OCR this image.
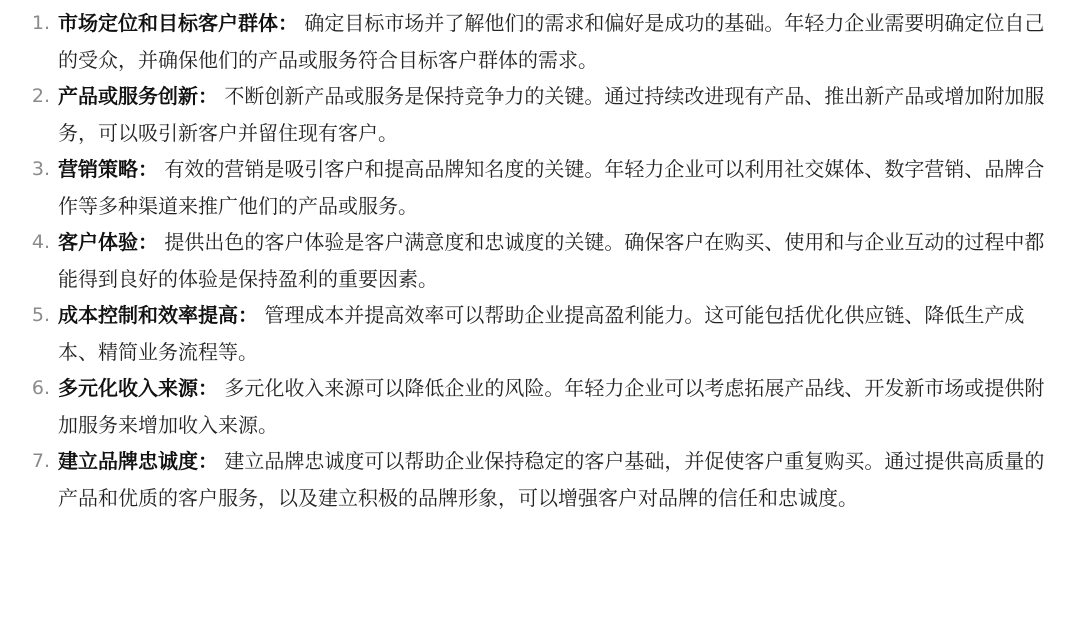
1. 市场定位和目标客户群体： 确定目标市场并了解他们的需求和偏好是成功的基础。年轻力企业需要明确定位自己的受众，并确保他们的产品或服务符合目标客户群体的需求。
2. 产品或服务创新： 不断创新产品或服务是保持竞争力的关键。通过持续改进现有产品、推出新产品或增加附加服务，可以吸引新客户并留住现有客户。
3. 营销策略： 有效的营销是吸引客户和提高品牌知名度的关键。年轻力企业可以利用社交媒体、数字营销、品牌合作等多种渠道来推广他们的产品或服务。
4. 客户体验： 提供出色的客户体验是客户满意度和忠诚度的关键。确保客户在购买、使用和与企业互动的过程中都能得到良好的体验是保持盈利的重要因素。
5. 成本控制和效率提高： 管理成本并提高效率可以帮助企业提高盈利能力。这可能包括优化供应链、降低生产成本、精简业务流程等。
6. 多元化收入来源： 多元化收入来源可以降低企业的风险。年轻力企业可以考虑拓展产品线、开发新市场或提供附加服务来增加收入来源。
7. 建立品牌忠诚度： 建立品牌忠诚度可以帮助企业保持稳定的客户基础，并促使客户重复购买。通过提供高质量的产品和优质的客户服务，以及建立积极的品牌形象，可以增强客户对品牌的信任和忠诚度。
